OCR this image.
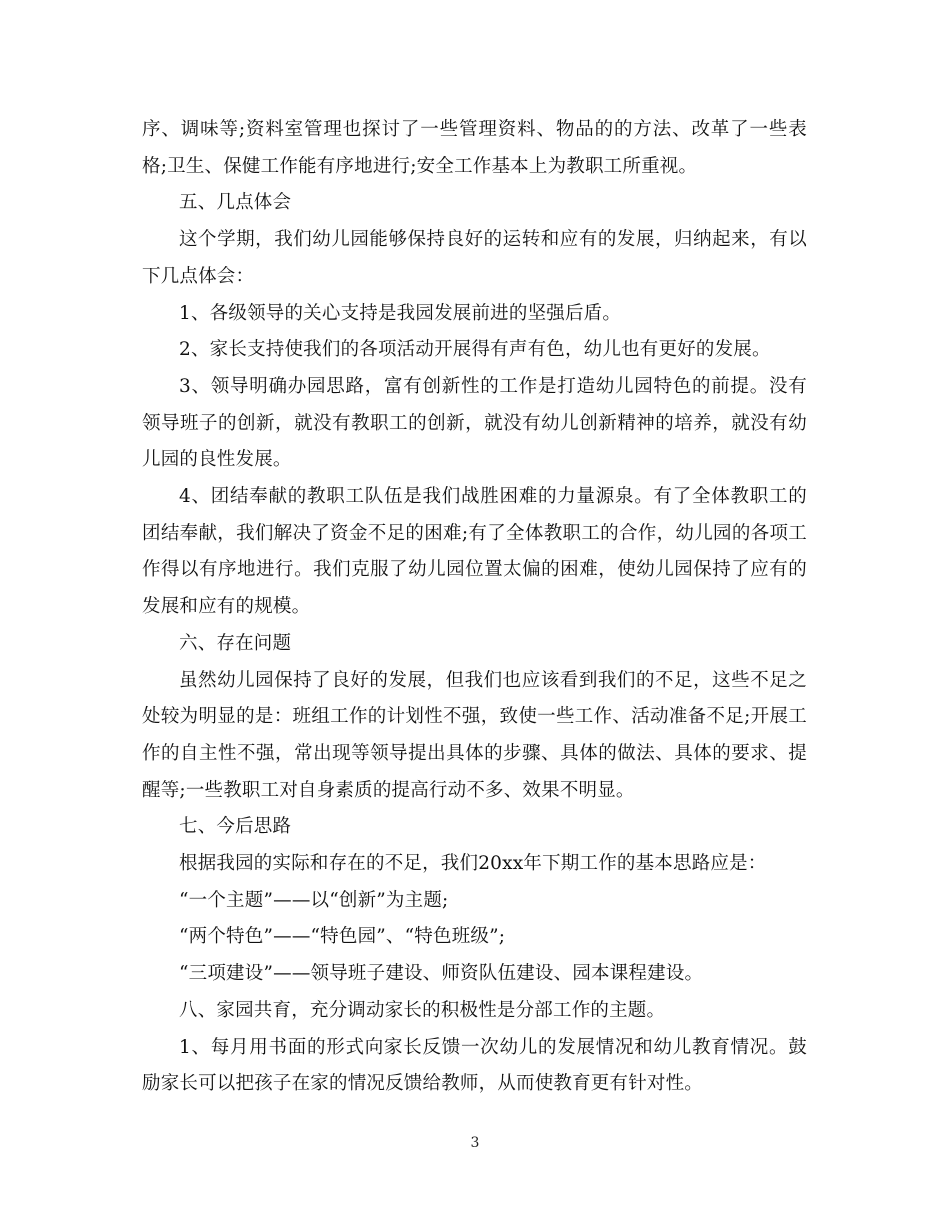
序、调味等;资料室管理也探讨了一些管理资料、物品的的方法、改革了一些表格;卫生、保健工作能有序地进行;安全工作基本上为教职工所重视。

五、几点体会

这个学期，我们幼儿园能够保持良好的运转和应有的发展，归纳起来，有以下几点体会：

1、各级领导的关心支持是我园发展前进的坚强后盾。

2、家长支持使我们的各项活动开展得有声有色，幼儿也有更好的发展。

3、领导明确办园思路，富有创新性的工作是打造幼儿园特色的前提。没有领导班子的创新，就没有教职工的创新，就没有幼儿创新精神的培养，就没有幼儿园的良性发展。

4、团结奉献的教职工队伍是我们战胜困难的力量源泉。有了全体教职工的团结奉献，我们解决了资金不足的困难;有了全体教职工的合作，幼儿园的各项工作得以有序地进行。我们克服了幼儿园位置太偏的困难，使幼儿园保持了应有的发展和应有的规模。

六、存在问题

虽然幼儿园保持了良好的发展，但我们也应该看到我们的不足，这些不足之处较为明显的是：班组工作的计划性不强，致使一些工作、活动准备不足;开展工作的自主性不强，常出现等领导提出具体的步骤、具体的做法、具体的要求、提醒等;一些教职工对自身素质的提高行动不多、效果不明显。

七、今后思路

根据我园的实际和存在的不足，我们20xx年下期工作的基本思路应是：

“一个主题”——以“创新”为主题;

“两个特色”——“特色园”、“特色班级”;

“三项建设”——领导班子建设、师资队伍建设、园本课程建设。

八、家园共育，充分调动家长的积极性是分部工作的主题。

1、每月用书面的形式向家长反馈一次幼儿的发展情况和幼儿教育情况。鼓励家长可以把孩子在家的情况反馈给教师，从而使教育更有针对性。

3
